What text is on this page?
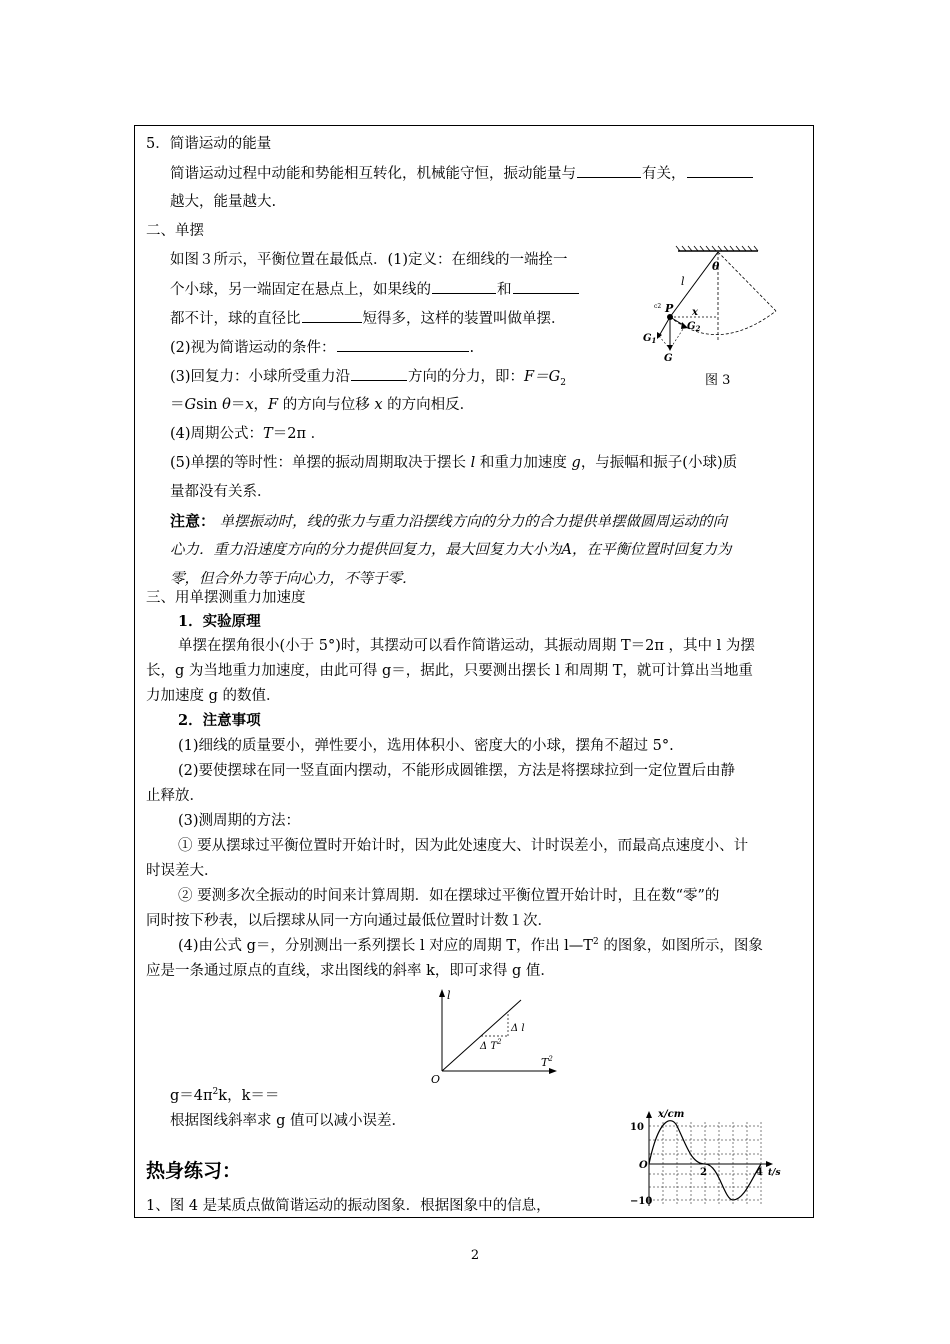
5．简谐运动的能量
简谐运动过程中动能和势能相互转化，机械能守恒，振动能量与	有关，
越大，能量越大.
二、单摆
如图３所示，平衡位置在最低点．(1)定义：在细线的一端拴一
个小球，另一端固定在悬点上，如果线的	和
都不计，球的直径比	短得多，这样的装置叫做单摆．
(2)视为简谐运动的条件：	.
(3)回复力：小球所受重力沿	方向的分力，即：$F=G_2$
＝Gsin θ＝x，F 的方向与位移 x 的方向相反．
(4)周期公式：T＝2π ．
(5)单摆的等时性：单摆的振动周期取决于摆长 l 和重力加速度 g，与振幅和振子(小球)质
量都没有关系．
注意： 单摆振动时，线的张力与重力沿摆线方向的分力的合力提供单摆做圆周运动的向
心力．重力沿速度方向的分力提供回复力，最大回复力大小为A，在平衡位置时回复力为
零，但合外力等于向心力，不等于零．
θ
l
P
c2
x
$G_1$
$G_2$
G
图 3
三、用单摆测重力加速度
1．实验原理
单摆在摆角很小(小于 5°)时，其摆动可以看作简谐运动，其振动周期 T＝2π ，其中 l 为摆
长，g 为当地重力加速度，由此可得 g＝，据此，只要测出摆长 l 和周期 T，就可计算出当地重
力加速度 g 的数值．
2．注意事项
(1)细线的质量要小，弹性要小，选用体积小、密度大的小球，摆角不超过 5°.
(2)要使摆球在同一竖直面内摆动，不能形成圆锥摆，方法是将摆球拉到一定位置后由静
止释放．
(3)测周期的方法：
① 要从摆球过平衡位置时开始计时，因为此处速度大、计时误差小，而最高点速度小、计
时误差大．
② 要测多次全振动的时间来计算周期．如在摆球过平衡位置开始计时，且在数“零”的
同时按下秒表，以后摆球从同一方向通过最低位置时计数１次．
(4)由公式 g＝，分别测出一系列摆长 l 对应的周期 T，作出 $l—T^2$ 的图象，如图所示，图象
应是一条通过原点的直线，求出图线的斜率 k，即可求得 g 值．
l
$T^2$
O
Δ l
Δ $T^2$
$g=4\pi^2k$，k＝＝
根据图线斜率求 g 值可以减小误差．
热身练习：
1、图 4 是某质点做简谐运动的振动图象．根据图象中的信息，
x/cm
10
−10
O
2	4 t/s
2
